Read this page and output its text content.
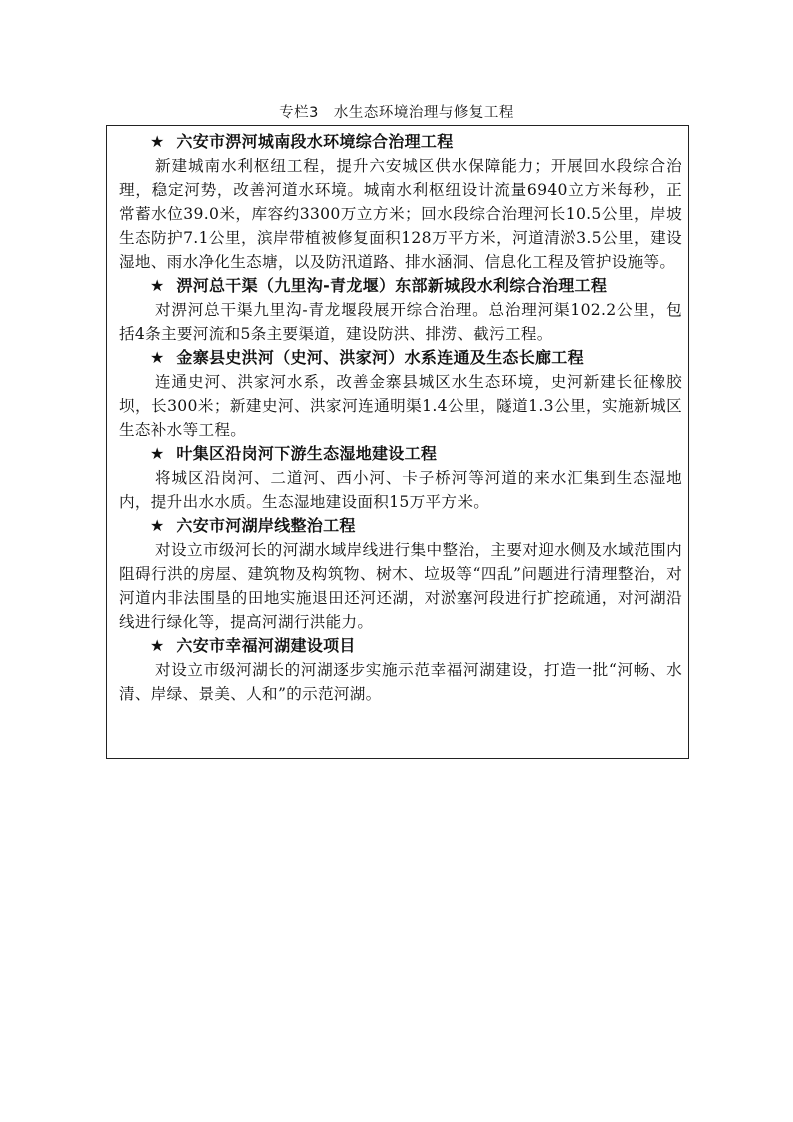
专栏3　水生态环境治理与修复工程
★ 六安市淠河城南段水环境综合治理工程

新建城南水利枢纽工程，提升六安城区供水保障能力；开展回水段综合治理，稳定河势，改善河道水环境。城南水利枢纽设计流量6940立方米每秒，正常蓄水位39.0米，库容约3300万立方米；回水段综合治理河长10.5公里，岸坡生态防护7.1公里，滨岸带植被修复面积128万平方米，河道清淤3.5公里，建设湿地、雨水净化生态塘，以及防汛道路、排水涵洞、信息化工程及管护设施等。

★ 淠河总干渠（九里沟-青龙堰）东部新城段水利综合治理工程

对淠河总干渠九里沟-青龙堰段展开综合治理。总治理河渠102.2公里，包括4条主要河流和5条主要渠道，建设防洪、排涝、截污工程。

★ 金寨县史洪河（史河、洪家河）水系连通及生态长廊工程

连通史河、洪家河水系，改善金寨县城区水生态环境，史河新建长征橡胶坝，长300米；新建史河、洪家河连通明渠1.4公里，隧道1.3公里，实施新城区生态补水等工程。

★ 叶集区沿岗河下游生态湿地建设工程

将城区沿岗河、二道河、西小河、卡子桥河等河道的来水汇集到生态湿地内，提升出水水质。生态湿地建设面积15万平方米。

★ 六安市河湖岸线整治工程

对设立市级河长的河湖水域岸线进行集中整治，主要对迎水侧及水域范围内阻碍行洪的房屋、建筑物及构筑物、树木、垃圾等“四乱”问题进行清理整治，对河道内非法围垦的田地实施退田还河还湖，对淤塞河段进行扩挖疏通，对河湖沿线进行绿化等，提高河湖行洪能力。

★ 六安市幸福河湖建设项目

对设立市级河湖长的河湖逐步实施示范幸福河湖建设，打造一批“河畅、水清、岸绿、景美、人和”的示范河湖。
